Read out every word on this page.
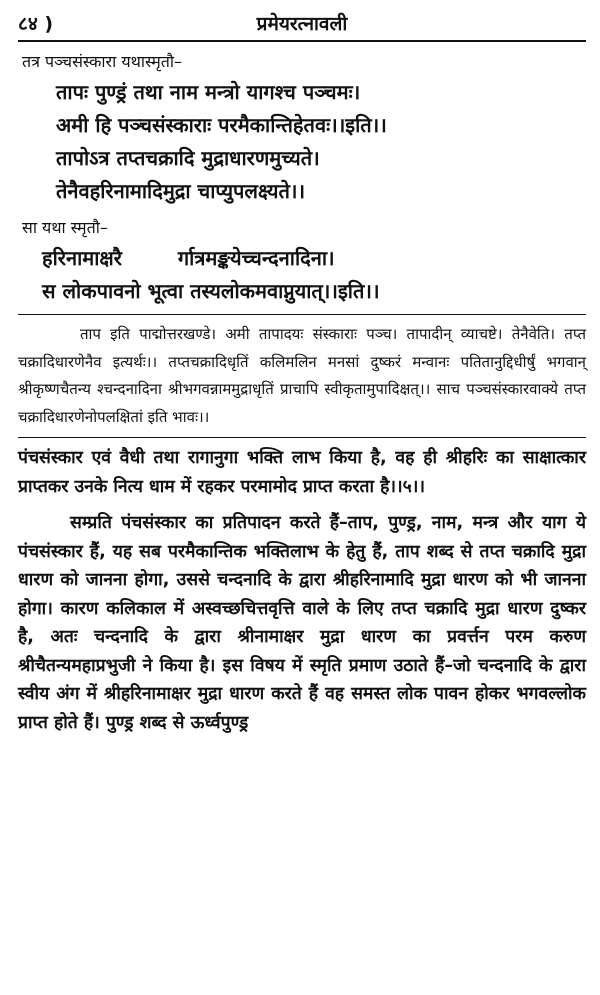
८४ )	प्रमेयरत्नावली
तत्र पञ्चसंस्कारा यथास्मृतौ–
तापः पुण्ड्रं तथा नाम मन्त्रो यागश्च पञ्चमः।
अमी हि पञ्चसंस्काराः परमैकान्तिहेतवः।।इति।।
तापोऽत्र तप्तचक्रादि मुद्राधारणमुच्यते।
तेनैवहरिनामादिमुद्रा चाप्युपलक्ष्यते।।
सा यथा स्मृतौ–
हरिनामाक्षरै	र्गात्रमङ्कयेच्चन्दनादिना।
स लोकपावनो भूत्वा तस्यलोकमवाप्नुयात्।।इति।।
ताप इति पाद्मोत्तरखण्डे। अमी तापादयः संस्काराः पञ्च। तापादीन् व्याचष्टे। तेनैवेति। तप्त चक्रादिधारणेनैव इत्यर्थः।। तप्तचक्रादिधृतिं कलिमलिन मनसां दुष्करं मन्वानः पतितानुद्दिधीर्षुं भगवान् श्रीकृष्णचैतन्य श्चन्दनादिना श्रीभगवन्नाममुद्राधृतिं प्राचापि स्वीकृतामुपादिक्षत्।। साच पञ्चसंस्कारवाक्ये तप्त चक्रादिधारणेनोपलक्षितां इति भावः।।

पंचसंस्कार एवं वैधी तथा रागानुगा भक्ति लाभ किया है, वह ही श्रीहरिः का साक्षात्कार प्राप्तकर उनके नित्य धाम में रहकर परमामोद प्राप्त करता है।।५।।

सम्प्रति पंचसंस्कार का प्रतिपादन करते हैं–ताप, पुण्ड्र, नाम, मन्त्र और याग ये पंचसंस्कार हैं, यह सब परमैकान्तिक भक्तिलाभ के हेतु हैं, ताप शब्द से तप्त चक्रादि मुद्रा धारण को जानना होगा, उससे चन्दनादि के द्वारा श्रीहरिनामादि मुद्रा धारण को भी जानना होगा। कारण कलिकाल में अस्वच्छचित्तवृत्ति वाले के लिए तप्त चक्रादि मुद्रा धारण दुष्कर है, अतः चन्दनादि के द्वारा श्रीनामाक्षर मुद्रा धारण का प्रवर्त्तन परम करुण श्रीचैतन्यमहाप्रभुजी ने किया है। इस विषय में स्मृति प्रमाण उठाते हैं–जो चन्दनादि के द्वारा स्वीय अंग में श्रीहरिनामाक्षर मुद्रा धारण करते हैं वह समस्त लोक पावन होकर भगवल्लोक प्राप्त होते हैं। पुण्ड्र शब्द से ऊर्ध्वपुण्ड्र
